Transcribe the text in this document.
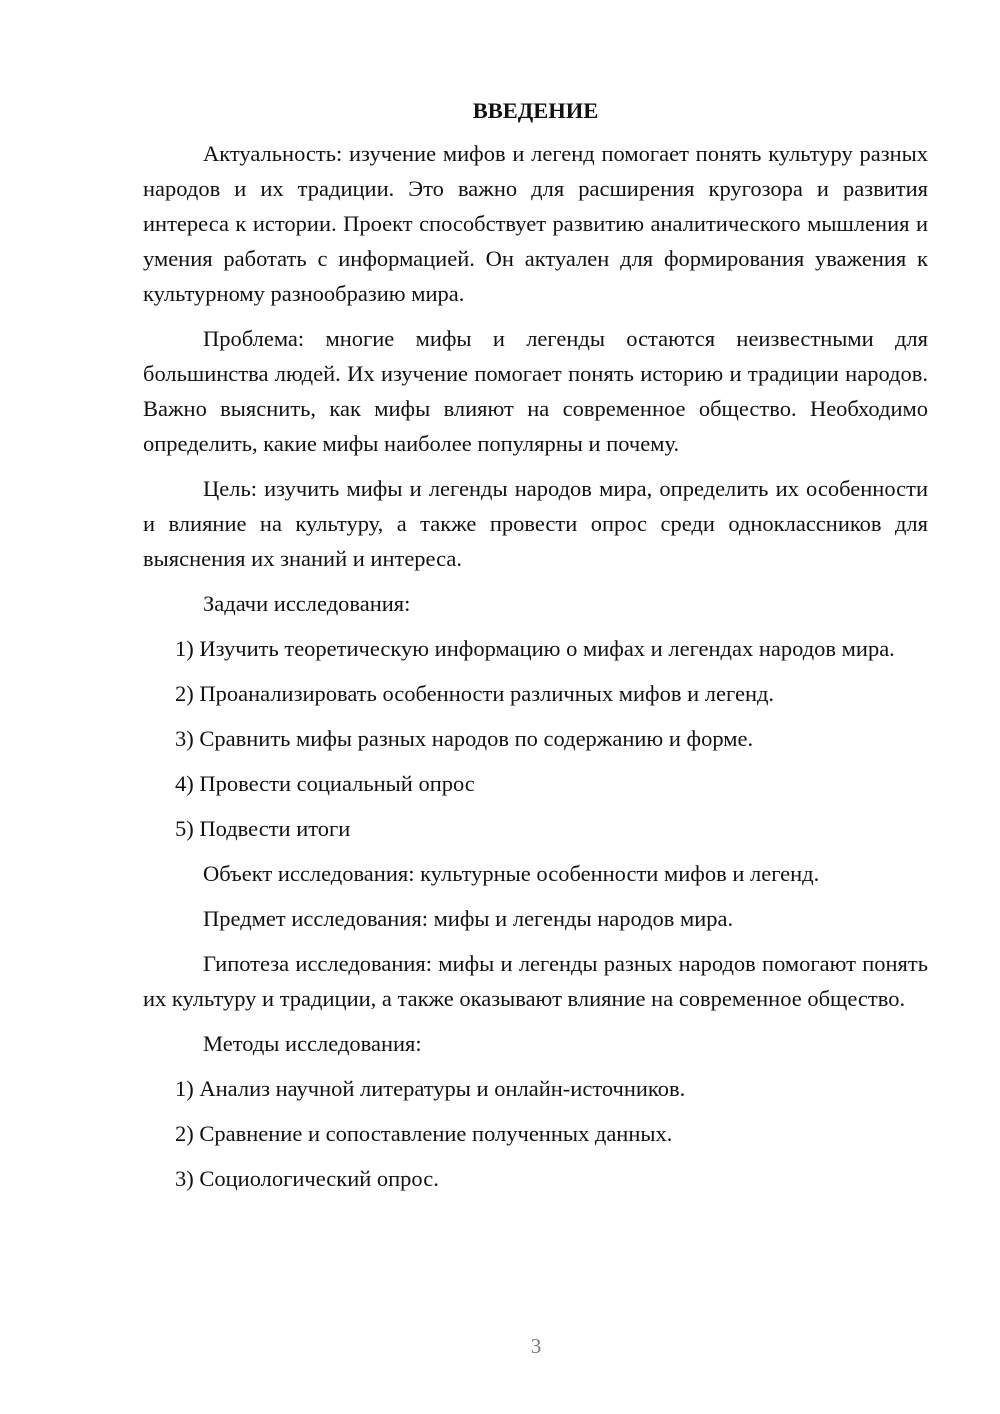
ВВЕДЕНИЕ
Актуальность: изучение мифов и легенд помогает понять культуру разных народов и их традиции. Это важно для расширения кругозора и развития интереса к истории. Проект способствует развитию аналитического мышления и умения работать с информацией. Он актуален для формирования уважения к культурному разнообразию мира.
Проблема: многие мифы и легенды остаются неизвестными для большинства людей. Их изучение помогает понять историю и традиции народов. Важно выяснить, как мифы влияют на современное общество. Необходимо определить, какие мифы наиболее популярны и почему.
Цель: изучить мифы и легенды народов мира, определить их особенности и влияние на культуру, а также провести опрос среди одноклассников для выяснения их знаний и интереса.
Задачи исследования:
1) Изучить теоретическую информацию о мифах и легендах народов мира.
2) Проанализировать особенности различных мифов и легенд.
3) Сравнить мифы разных народов по содержанию и форме.
4) Провести социальный опрос
5) Подвести итоги
Объект исследования: культурные особенности мифов и легенд.
Предмет исследования: мифы и легенды народов мира.
Гипотеза исследования: мифы и легенды разных народов помогают понять их культуру и традиции, а также оказывают влияние на современное общество.
Методы исследования:
1) Анализ научной литературы и онлайн-источников.
2) Сравнение и сопоставление полученных данных.
3) Социологический опрос.
3
